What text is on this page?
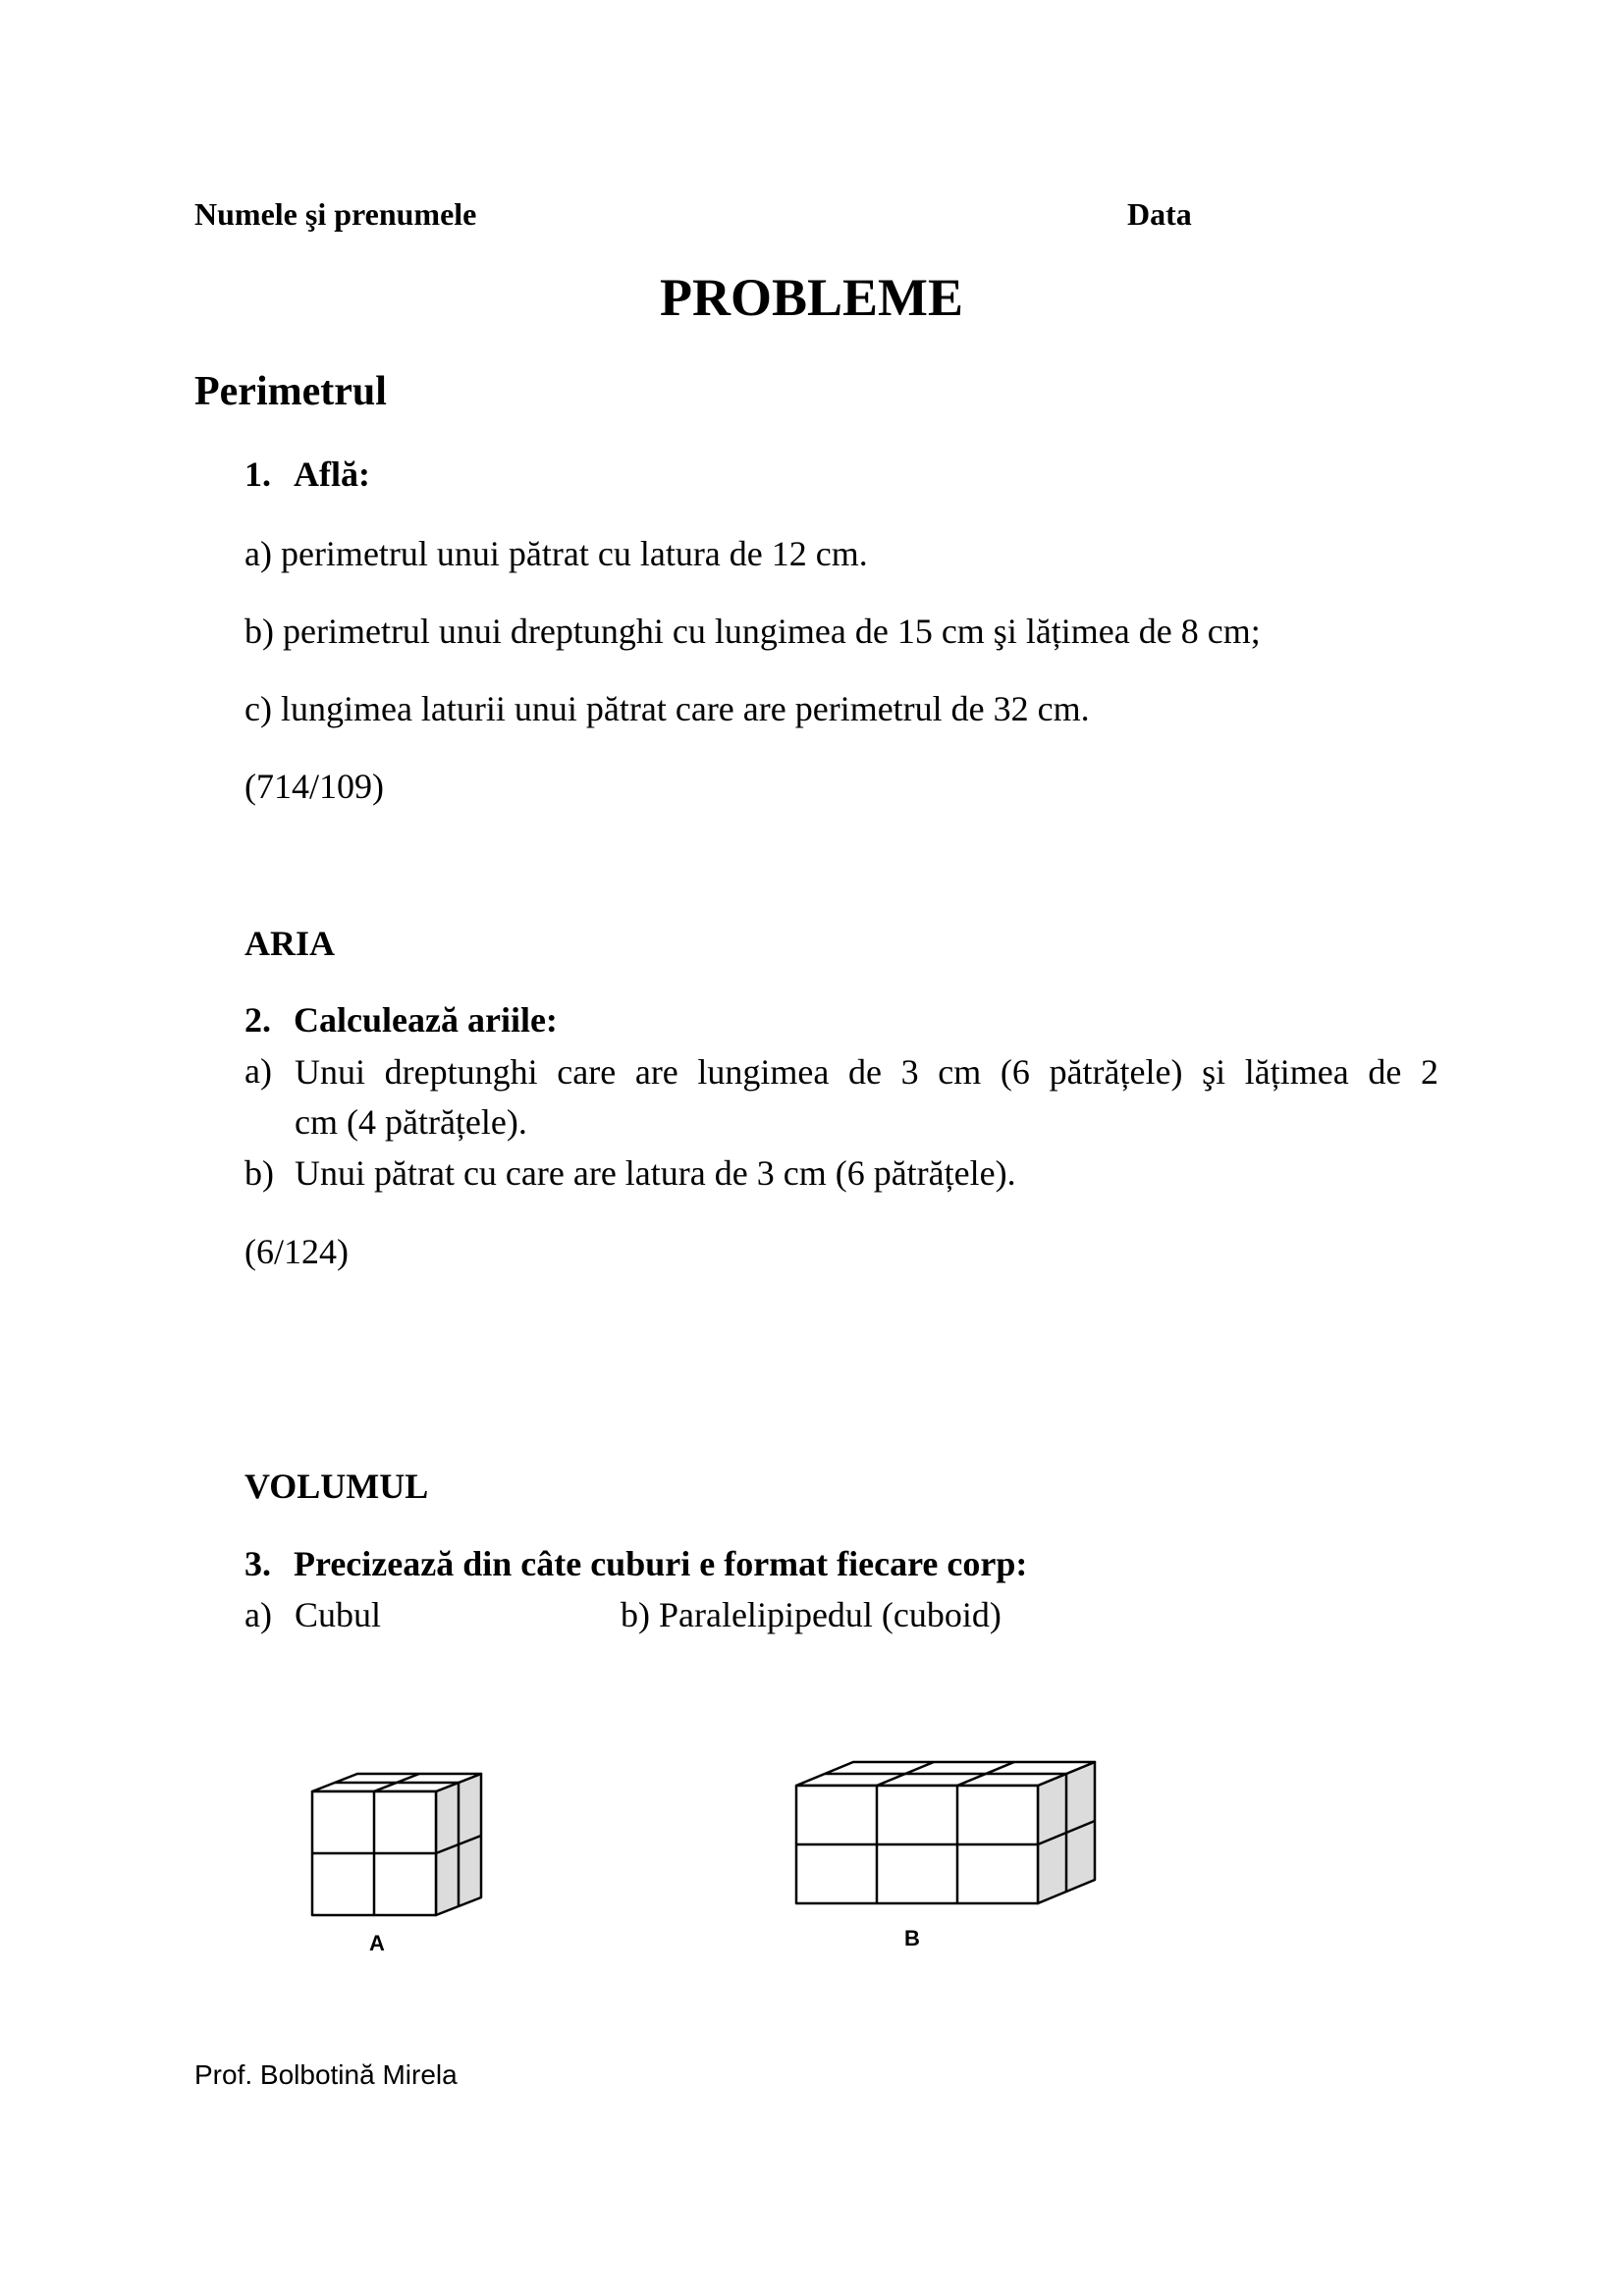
Numele şi prenumele	Data
PROBLEME
Perimetrul
1. Află:
a) perimetrul unui pătrat cu latura de 12 cm.
b) perimetrul unui dreptunghi cu lungimea de 15 cm şi lățimea de 8 cm;
c) lungimea laturii unui pătrat care are perimetrul de 32 cm.
(714/109)
ARIA
2. Calculează ariile:
a) Unui dreptunghi care are lungimea de 3 cm (6 pătrățele) şi lățimea de 2
cm (4 pătrățele).
b) Unui pătrat cu care are latura de 3 cm (6 pătrățele).
(6/124)
VOLUMUL
3. Precizează din câte cuburi e format fiecare corp:
a) Cubul	b) Paralelipipedul (cuboid)
A	B
Prof. Bolbotină Mirela
